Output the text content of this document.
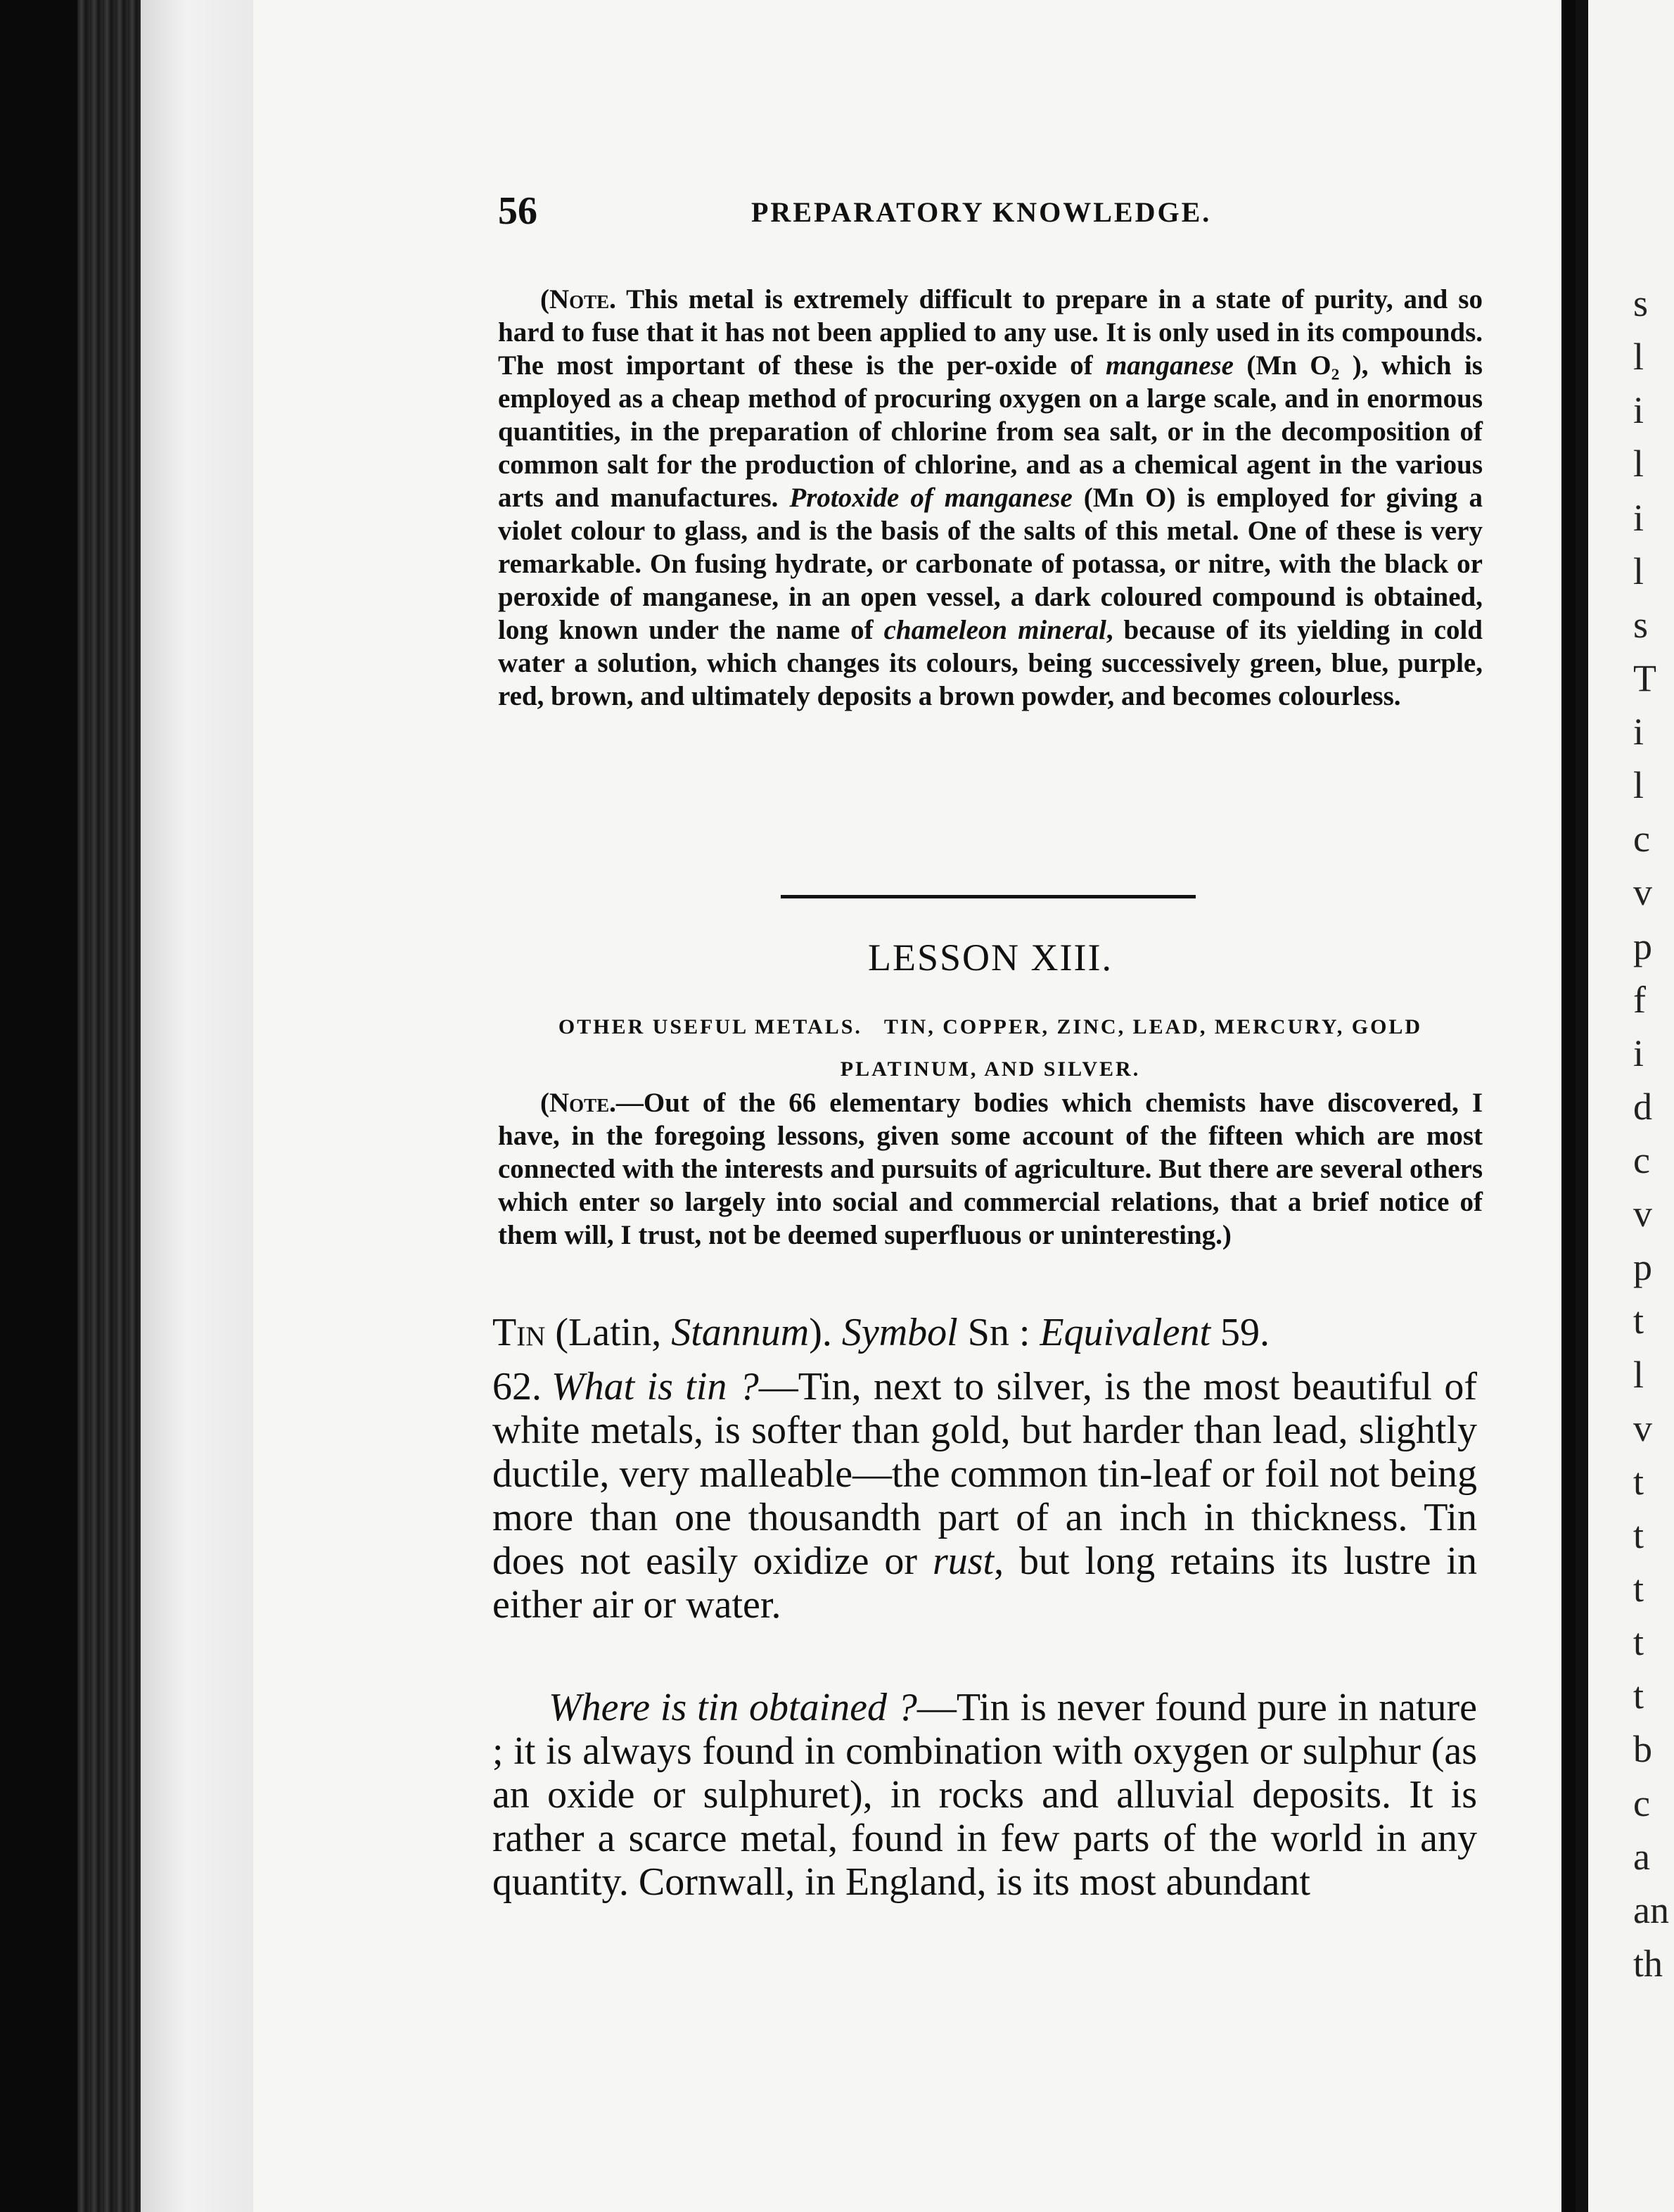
s
l
i
l
i
l
s
T
i
l
c
v
p
f
i
d
c
v
p
t
l
v
t
t
t
t
t
b
c
a
an
th
56	PREPARATORY KNOWLEDGE.
(Note. This metal is extremely difficult to prepare in a state of purity, and so hard to fuse that it has not been applied to any use. It is only used in its compounds. The most important of these is the per-oxide of manganese (Mn O₂ ), which is employed as a cheap method of procuring oxygen on a large scale, and in enormous quantities, in the preparation of chlorine from sea salt, or in the decomposition of common salt for the production of chlorine, and as a chemical agent in the various arts and manufactures. Protoxide of manganese (Mn O) is employed for giving a violet colour to glass, and is the basis of the salts of this metal. One of these is very remarkable. On fusing hydrate, or carbonate of potassa, or nitre, with the black or peroxide of manganese, in an open vessel, a dark coloured compound is obtained, long known under the name of chameleon mineral, because of its yielding in cold water a solution, which changes its colours, being successively green, blue, purple, red, brown, and ultimately deposits a brown powder, and becomes colourless.
LESSON XIII.
OTHER USEFUL METALS.   TIN, COPPER, ZINC, LEAD, MERCURY, GOLD
PLATINUM, AND SILVER.
(Note.—Out of the 66 elementary bodies which chemists have discovered, I have, in the foregoing lessons, given some account of the fifteen which are most connected with the interests and pursuits of agriculture. But there are several others which enter so largely into social and commercial relations, that a brief notice of them will, I trust, not be deemed superfluous or uninteresting.)
Tin (Latin, Stannum). Symbol Sn : Equivalent 59.
62. What is tin ?—Tin, next to silver, is the most beautiful of white metals, is softer than gold, but harder than lead, slightly ductile, very malleable—the common tin-leaf or foil not being more than one thousandth part of an inch in thickness. Tin does not easily oxidize or rust, but long retains its lustre in either air or water.
Where is tin obtained ?—Tin is never found pure in nature ; it is always found in combination with oxygen or sulphur (as an oxide or sulphuret), in rocks and alluvial deposits. It is rather a scarce metal, found in few parts of the world in any quantity. Cornwall, in England, is its most abundant
